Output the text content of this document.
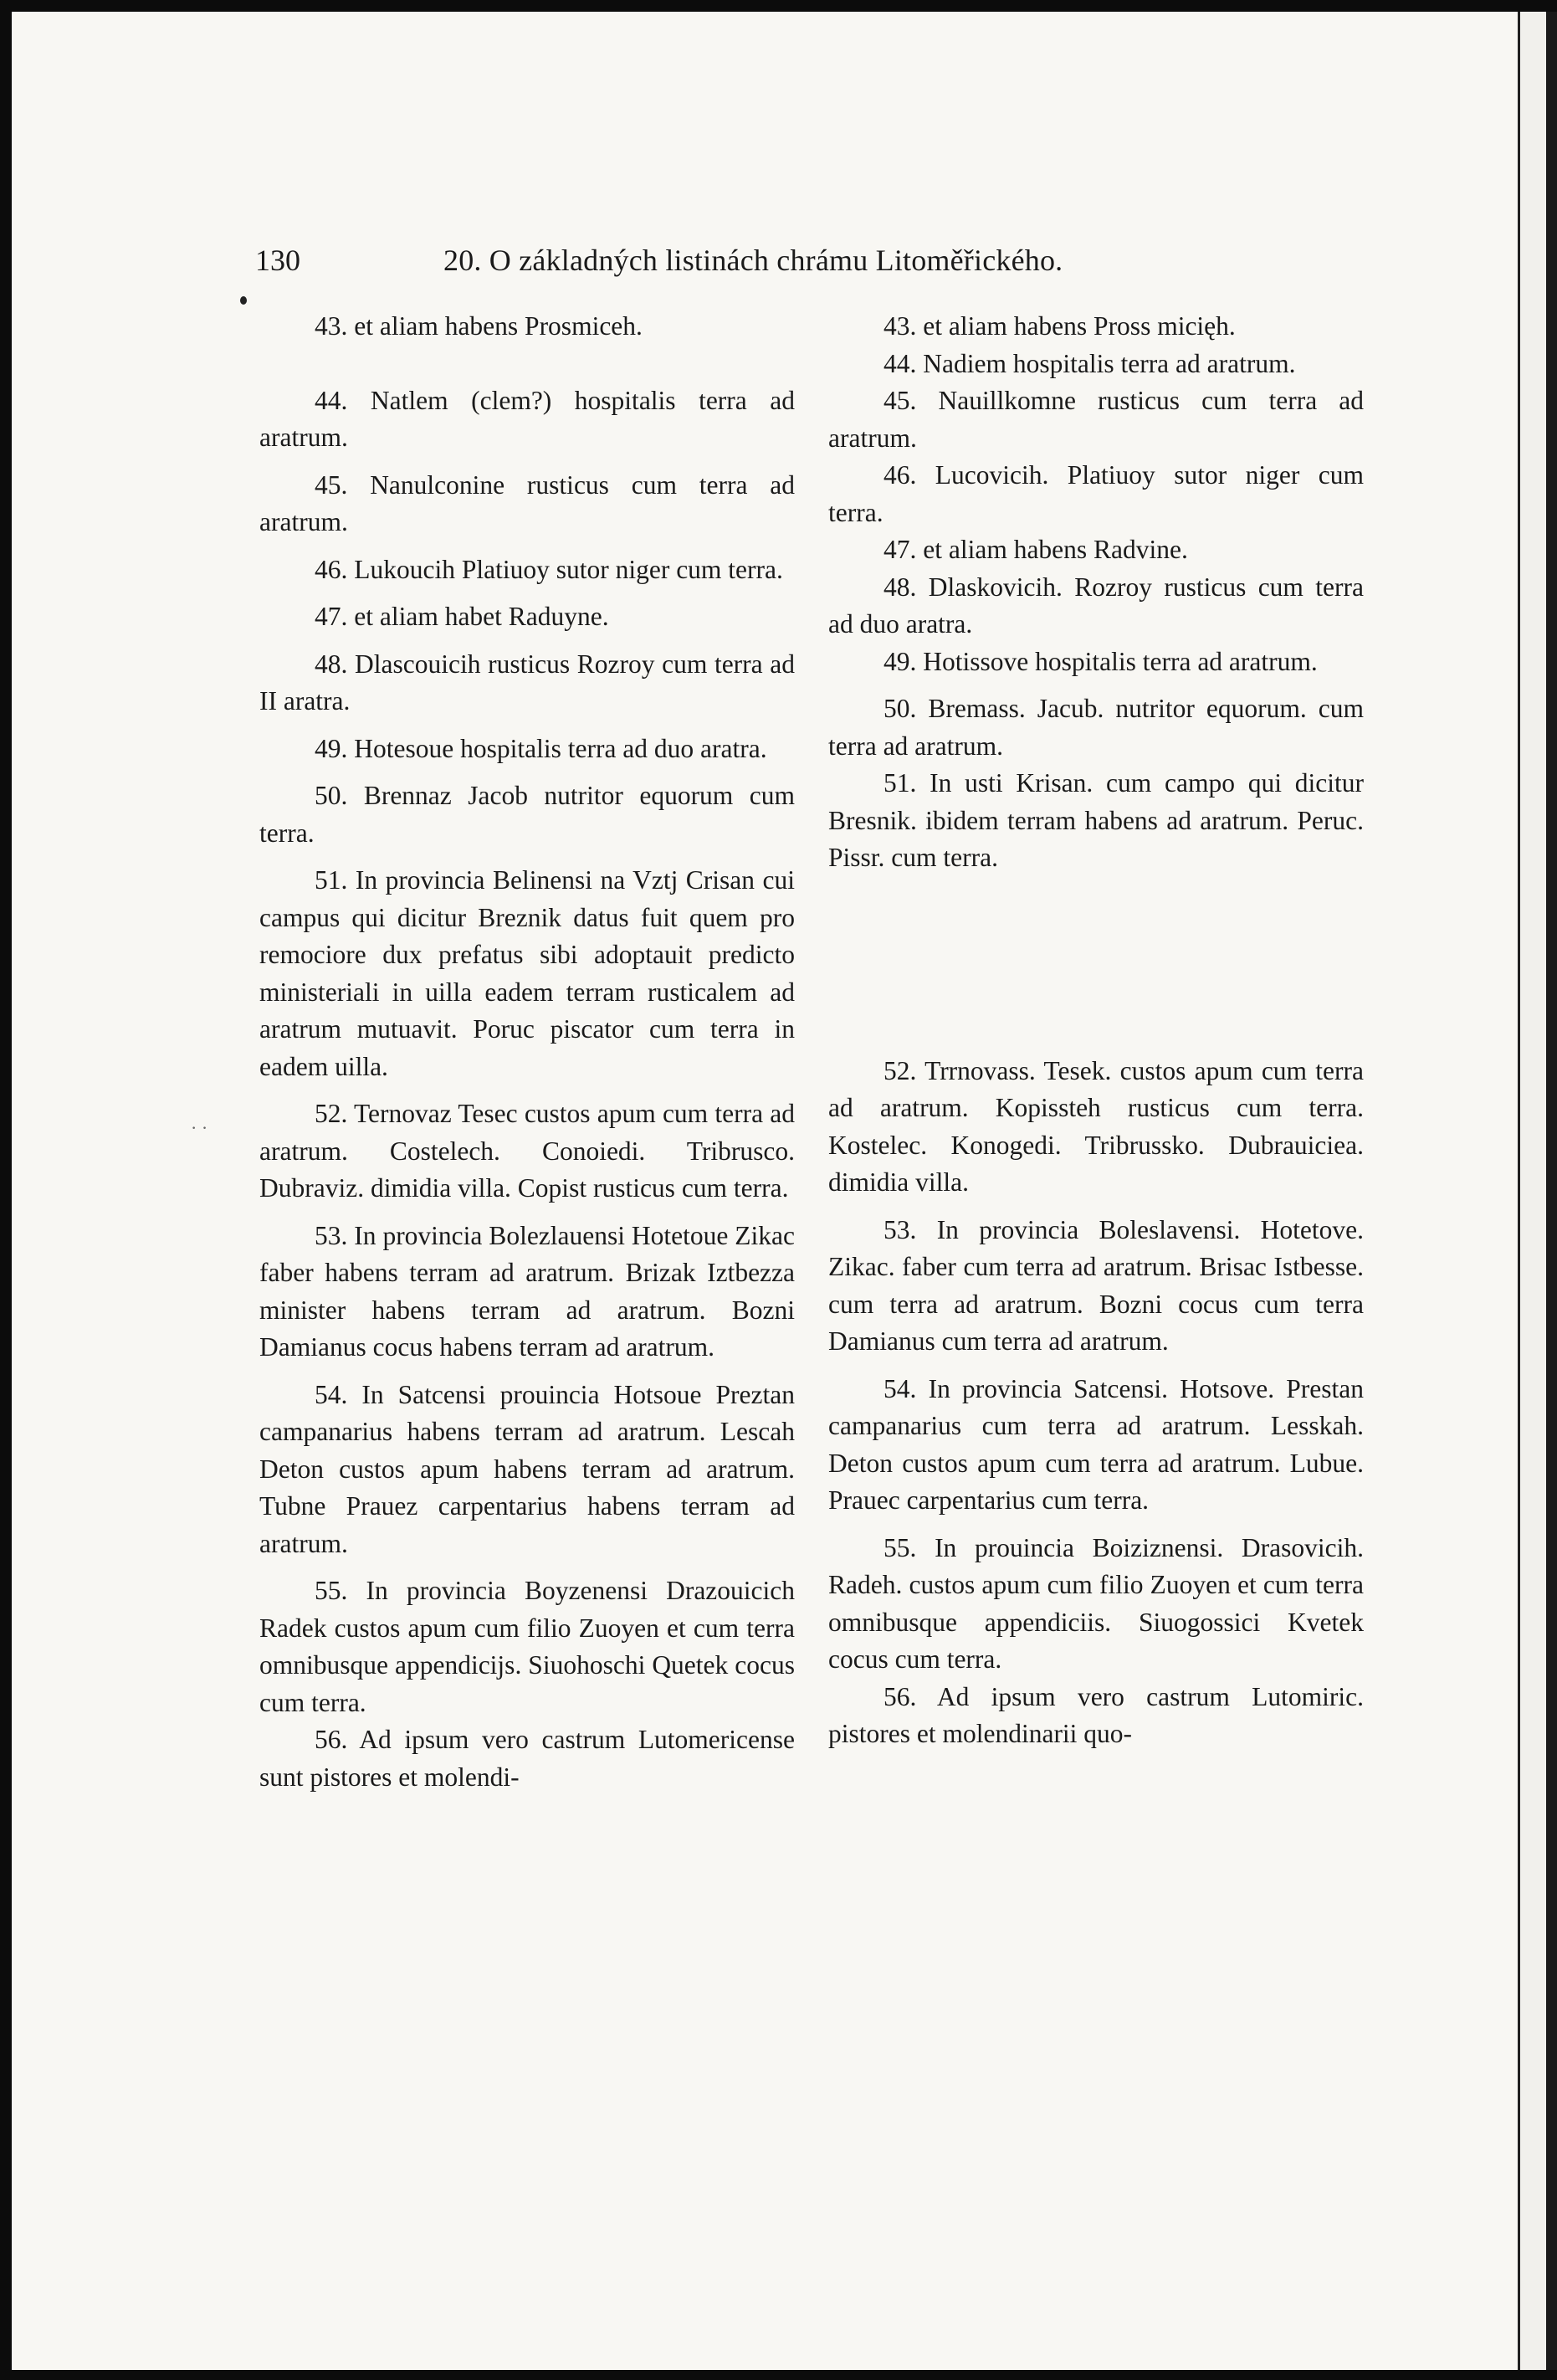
130	20. O základných listinách chrámu Litoměřického.
· ·

43. et aliam habens Prosmiceh.

44. Natlem (clem?) hospitalis terra ad aratrum.

45. Nanulconine rusticus cum terra ad aratrum.

46. Lukoucih Platiuoy sutor niger cum terra.

47. et aliam habet Raduyne.

48. Dlascouicih rusticus Rozroy cum terra ad II aratra.

49. Hotesoue hospitalis terra ad duo aratra.

50. Brennaz Jacob nutritor equorum cum terra.

51. In provincia Belinensi na Vztj Crisan cui campus qui dicitur Breznik datus fuit quem pro remociore dux prefatus sibi adoptauit predicto ministeriali in uilla eadem terram rusticalem ad aratrum mutuavit. Poruc piscator cum terra in eadem uilla.

52. Ternovaz Tesec custos apum cum terra ad aratrum. Costelech. Conoiedi. Tribrusco. Dubraviz. dimidia villa. Copist rusticus cum terra.

53. In provincia Bolezlauensi Hotetoue Zikac faber habens terram ad aratrum. Brizak Iztbezza minister habens terram ad aratrum. Bozni Damianus cocus habens terram ad aratrum.

54. In Satcensi prouincia Hotsoue Preztan campanarius habens terram ad aratrum. Lescah Deton custos apum habens terram ad aratrum. Tubne Prauez carpentarius habens terram ad aratrum.

55. In provincia Boyzenensi Drazouicich Radek custos apum cum filio Zuoyen et cum terra omnibusque appendicijs. Siuohoschi Quetek cocus cum terra.

56. Ad ipsum vero castrum Lutomericense sunt pistores et molendi-

43. et aliam habens Pross micięh.

44. Nadiem hospitalis terra ad aratrum.

45. Nauillkomne rusticus cum terra ad aratrum.

46. Lucovicih. Platiuoy sutor niger cum terra.

47. et aliam habens Radvine.

48. Dlaskovicih. Rozroy rusticus cum terra ad duo aratra.

49. Hotissove hospitalis terra ad aratrum.

50. Bremass. Jacub. nutritor equorum. cum terra ad aratrum.

51. In usti Krisan. cum campo qui dicitur Bresnik. ibidem terram habens ad aratrum. Peruc. Pissr. cum terra.

52. Trrnovass. Tesek. custos apum cum terra ad aratrum. Kopissteh rusticus cum terra. Kostelec. Konogedi. Tribrussko. Dubrauiciea. dimidia villa.

53. In provincia Boleslavensi. Hotetove. Zikac. faber cum terra ad aratrum. Brisac Istbesse. cum terra ad aratrum. Bozni cocus cum terra Damianus cum terra ad aratrum.

54. In provincia Satcensi. Hotsove. Prestan campanarius cum terra ad aratrum. Lesskah. Deton custos apum cum terra ad aratrum. Lubue. Prauec carpentarius cum terra.

55. In prouincia Boiziznensi. Drasovicih. Radeh. custos apum cum filio Zuoyen et cum terra omnibusque appendiciis. Siuogossici Kvetek cocus cum terra.

56. Ad ipsum vero castrum Lutomiric. pistores et molendinarii quo-
